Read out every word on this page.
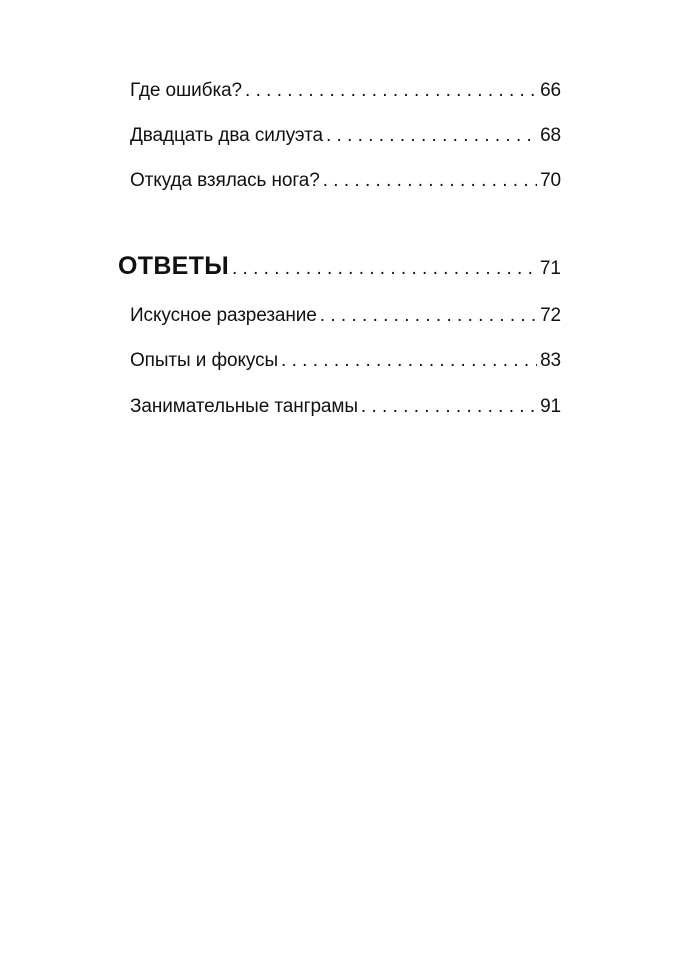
Где ошибка? . . .	66
Двадцать два силуэта . . .	68
Откуда взялась нога? . . .	70
ОТВЕТЫ . . .	71
Искусное разрезание . . .	72
Опыты и фокусы . . .	83
Занимательные танграмы . . .	91
